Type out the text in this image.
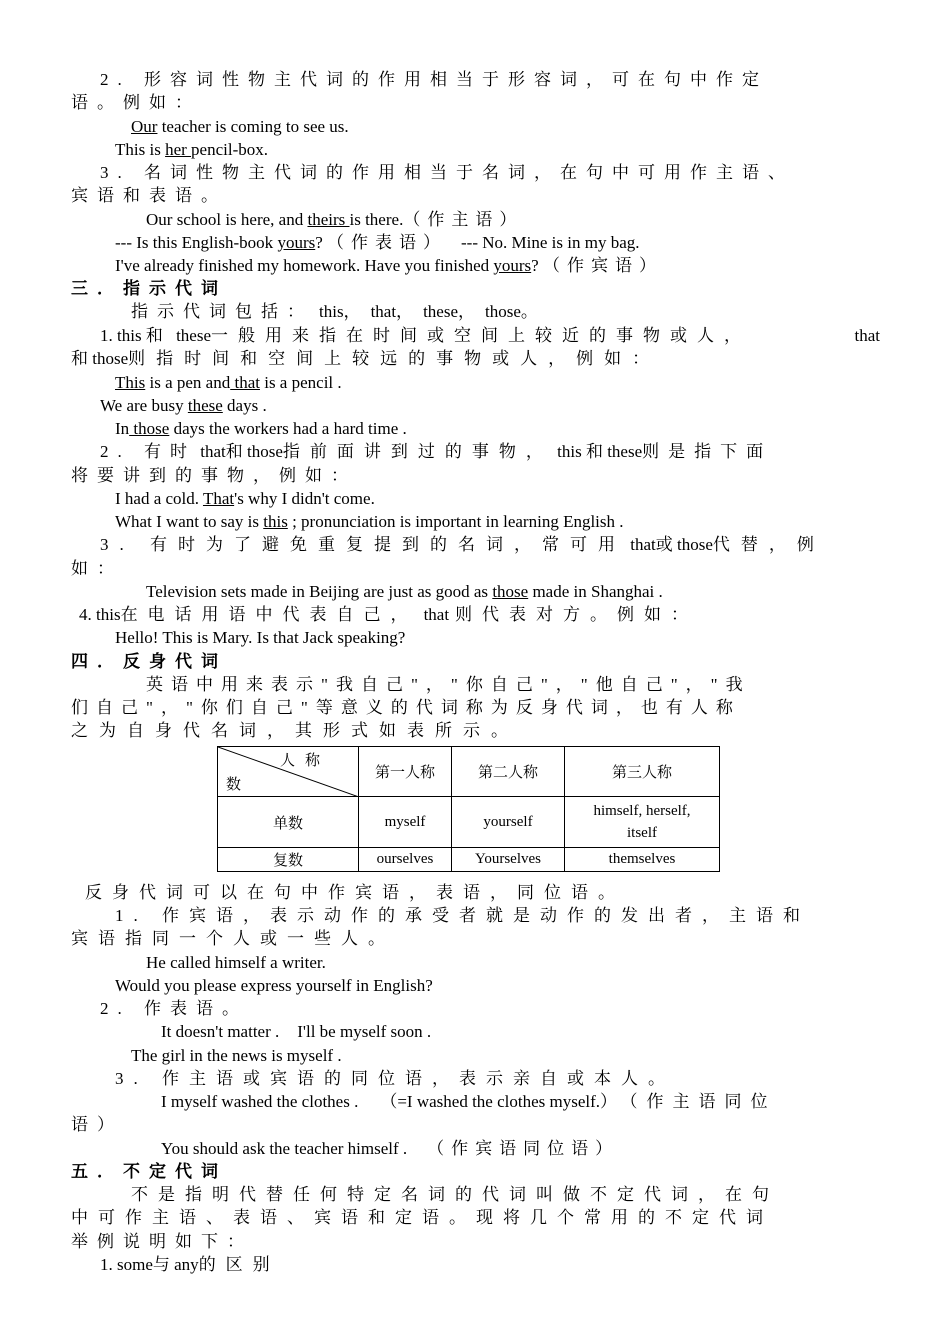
2. 形容词性物主代词的作用相当于形容词，可在句中作定
语。例如：
Our teacher is coming to see us.
This is her pencil-box.
3. 名词性物主代词的作用相当于名词，在句中可用作主语、
宾语和表语。
Our school is here, and theirs is there.（作主语）
--- Is this English-book yours? （作表语） --- No. Mine is in my bag.
I've already finished my homework. Have you finished yours? （作宾语）
三．指示代词
指示代词包括： this， that， these， those。
1. this 和 these一般用来指在时间或空间上较近的事物或人，	that
和 those则指时间和空间上较远的事物或人，例如：
This is a pen and that is a pencil .
We are busy these days .
In those days the workers had a hard time .
2. 有时 that和 those指前面讲到过的事物， this 和 these则是指下面
将要讲到的事物，例如：
I had a cold. That's why I didn't come.
What I want to say is this ; pronunciation is important in learning English .
3. 有时为了避免重复提到的名词，常可用 that或 those代替，例
如：
Television sets made in Beijing are just as good as those made in Shanghai .
4. this在电话用语中代表自己， that 则代表对方。例如：
Hello! This is Mary. Is that Jack speaking?
四．反身代词
英语中用来表示"我自己"，"你自己"，"他自己"，"我
们自己"，"你们自己"等意义的代词称为反身代词，也有人称
之为自身代名词，其形式如表所示。
人称
数	第一人称	第二人称	第三人称
单数	myself	yourself	himself, herself,
itself
复数	ourselves	Yourselves	themselves
反身代词可以在句中作宾语，表语，同位语。
1. 作宾语，表示动作的承受者就是动作的发出者，主语和
宾语指同一个人或一些人。
He called himself a writer.
Would you please express yourself in English?
2. 作表语。
It doesn't matter . I'll be myself soon .
The girl in the news is myself .
3. 作主语或宾语的同位语，表示亲自或本人。
I myself washed the clothes . （=I washed the clothes myself.） （作主语同位
语）
You should ask the teacher himself . （作宾语同位语）
五．不定代词
不是指明代替任何特定名词的代词叫做不定代词，在句
中可作主语、表语、宾语和定语。现将几个常用的不定代词
举例说明如下：
1. some与 any的区别
